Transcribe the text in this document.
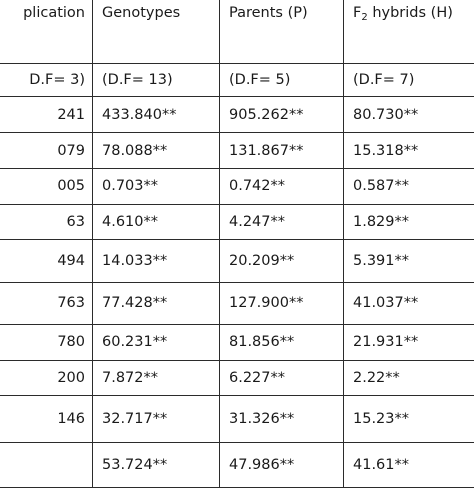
plication	Genotypes	Parents (P)	$F_2$ hybrids (H)
D.F= 3)	(D.F= 13)	(D.F= 5)	(D.F= 7)
241	433.840**	905.262**	80.730**
079	78.088**	131.867**	15.318**
005	0.703**	0.742**	0.587**
63	4.610**	4.247**	1.829**
494	14.033**	20.209**	5.391**
763	77.428**	127.900**	41.037**
780	60.231**	81.856**	21.931**
200	7.872**	6.227**	2.22**
146	32.717**	31.326**	15.23**
	53.724**	47.986**	41.61**
